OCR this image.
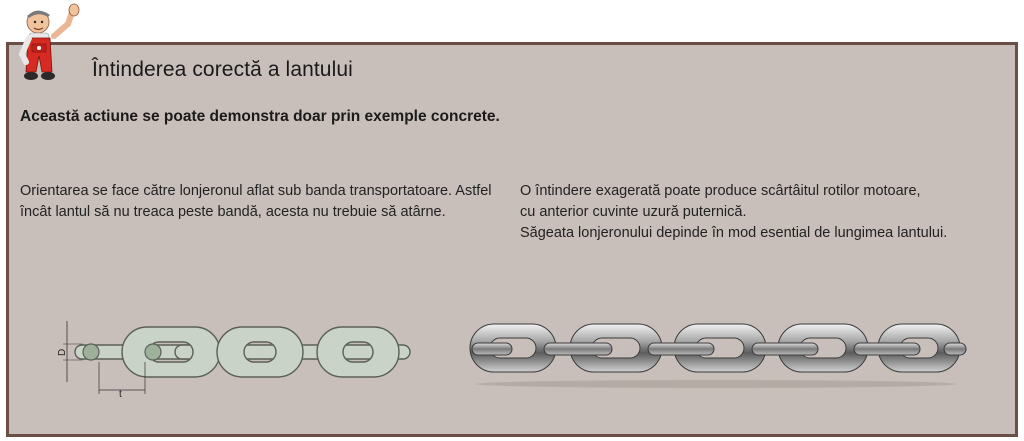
Întinderea corectă a lantului
Această actiune se poate demonstra doar prin exemple concrete.

Orientarea se face către lonjeronul aflat sub banda transportatoare. Astfel

încât lantul să nu treaca peste bandă, acesta nu trebuie să atârne.

O întindere exagerată poate produce scârtâitul rotilor motoare,

cu anterior cuvinte uzură puternică.

Săgeata lonjeronului depinde în mod esential de lungimea lantului.

D
t
